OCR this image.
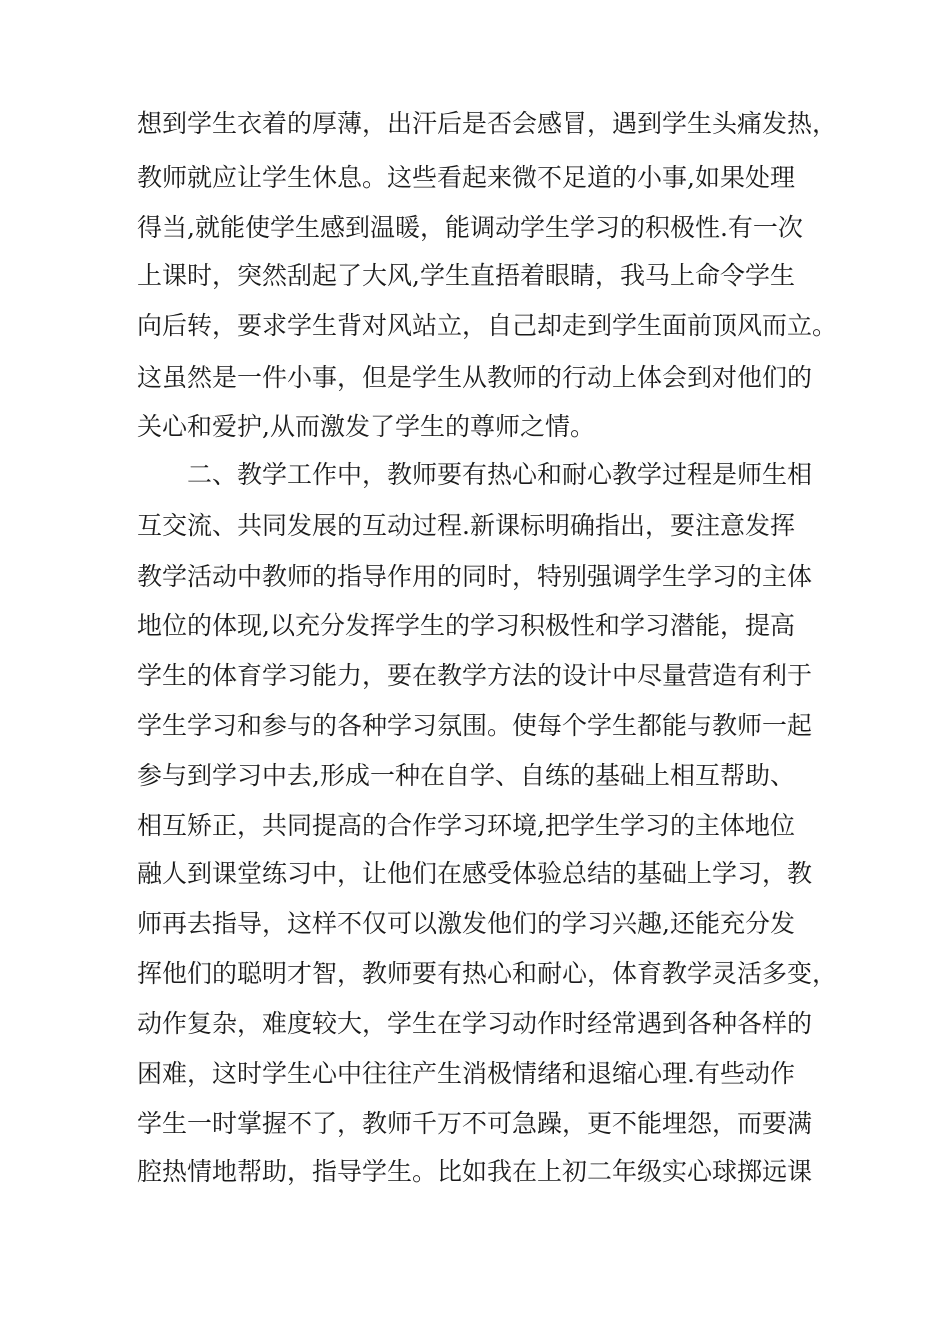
想到学生衣着的厚薄，出汗后是否会感冒，遇到学生头痛发热，

教师就应让学生休息。这些看起来微不足道的小事,如果处理

得当,就能使学生感到温暖，能调动学生学习的积极性.有一次

上课时，突然刮起了大风,学生直捂着眼睛，我马上命令学生

向后转，要求学生背对风站立，自己却走到学生面前顶风而立。

这虽然是一件小事，但是学生从教师的行动上体会到对他们的

关心和爱护,从而激发了学生的尊师之情。

二、教学工作中，教师要有热心和耐心教学过程是师生相

互交流、共同发展的互动过程.新课标明确指出，要注意发挥

教学活动中教师的指导作用的同时，特别强调学生学习的主体

地位的体现,以充分发挥学生的学习积极性和学习潜能，提高

学生的体育学习能力，要在教学方法的设计中尽量营造有利于

学生学习和参与的各种学习氛围。使每个学生都能与教师一起

参与到学习中去,形成一种在自学、自练的基础上相互帮助、

相互矫正，共同提高的合作学习环境,把学生学习的主体地位

融人到课堂练习中，让他们在感受体验总结的基础上学习，教

师再去指导，这样不仅可以激发他们的学习兴趣,还能充分发

挥他们的聪明才智，教师要有热心和耐心，体育教学灵活多变，

动作复杂，难度较大，学生在学习动作时经常遇到各种各样的

困难，这时学生心中往往产生消极情绪和退缩心理.有些动作

学生一时掌握不了，教师千万不可急躁，更不能埋怨，而要满

腔热情地帮助，指导学生。比如我在上初二年级实心球掷远课
